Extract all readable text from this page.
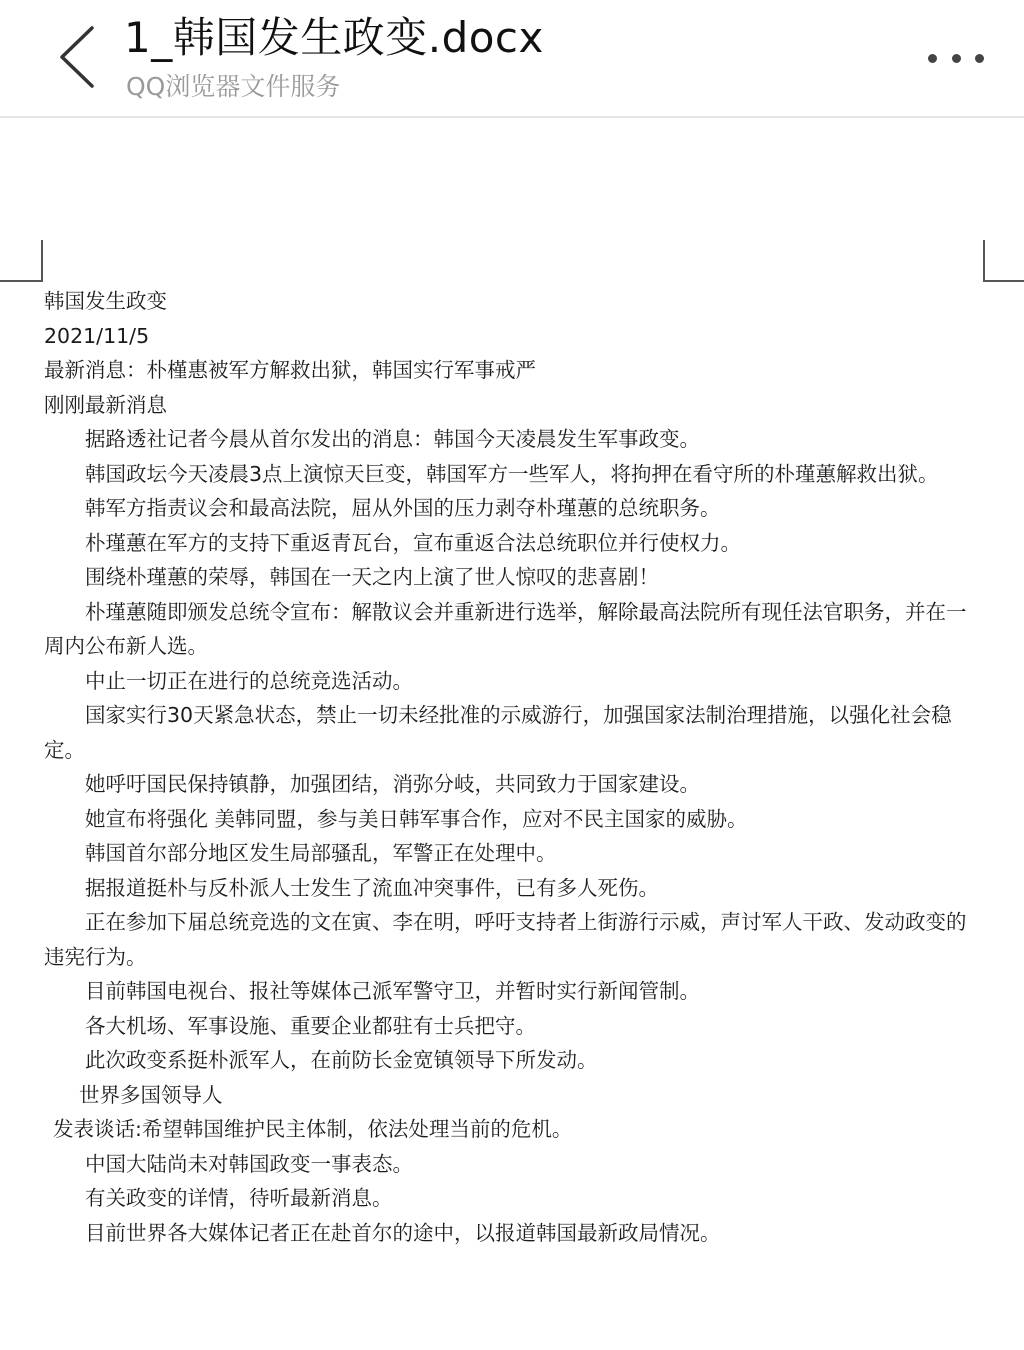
1_韩国发生政变.docx
QQ浏览器文件服务

韩国发生政变

2021/11/5

最新消息：朴槿惠被军方解救出狱，韩国实行军事戒严

刚刚最新消息

据路透社记者今晨从首尔发出的消息：韩国今天凌晨发生军事政变。

韩国政坛今天凌晨3点上演惊天巨变，韩国军方一些军人，将拘押在看守所的朴瑾蕙解救出狱。

韩军方指责议会和最高法院，屈从外国的压力剥夺朴瑾蕙的总统职务。

朴瑾蕙在军方的支持下重返青瓦台，宣布重返合法总统职位并行使权力。

围绕朴瑾蕙的荣辱，韩国在一天之内上演了世人惊叹的悲喜剧！

朴瑾蕙随即颁发总统令宣布：解散议会并重新进行选举，解除最高法院所有现任法官职务，并在一周内公布新人选。

中止一切正在进行的总统竞选活动。

国家实行30天紧急状态，禁止一切未经批准的示威游行，加强国家法制治理措施，以强化社会稳定。

她呼吁国民保持镇静，加强团结，消弥分岐，共同致力于国家建设。

她宣布将强化 美韩同盟，参与美日韩军事合作，应对不民主国家的威胁。

韩国首尔部分地区发生局部骚乱，军警正在处理中。

据报道挺朴与反朴派人士发生了流血冲突事件，已有多人死伤。

正在参加下届总统竞选的文在寅、李在明，呼吁支持者上街游行示威，声讨军人干政、发动政变的违宪行为。

目前韩国电视台、报社等媒体己派军警守卫，并暂时实行新闻管制。

各大机场、军事设施、重要企业都驻有士兵把守。

此次政变系挺朴派军人，在前防长金宽镇领导下所发动。

世界多国领导人

发表谈话:希望韩国维护民主体制，依法处理当前的危机。

中国大陆尚未对韩国政变一事表态。

有关政变的详情，待听最新消息。

目前世界各大媒体记者正在赴首尔的途中，以报道韩国最新政局情况。
